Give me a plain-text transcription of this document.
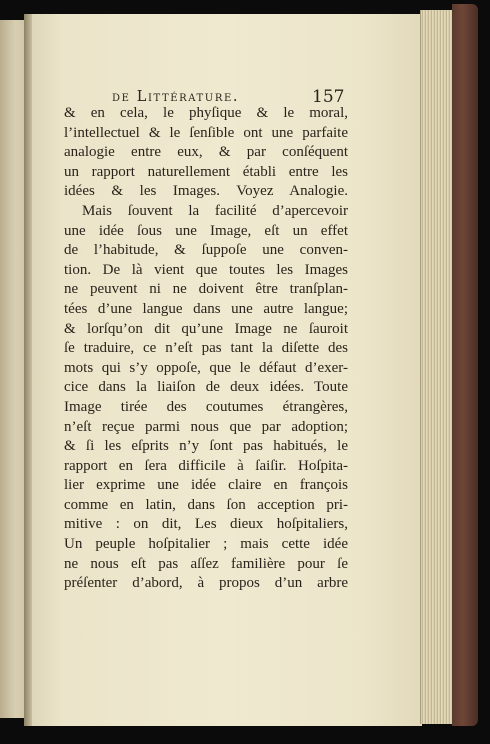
de Littérature.	157
& en cela, le phyſique & le moral,
l’intellectuel & le ſenſible ont une parfaite
analogie entre eux, & par conſéquent
un rapport naturellement établi entre les
idées & les Images. Voyez Analogie.
Mais ſouvent la facilité d’apercevoir
une idée ſous une Image, eſt un effet
de l’habitude, & ſuppoſe une conven-
tion. De là vient que toutes les Images
ne peuvent ni ne doivent être tranſplan-
tées d’une langue dans une autre langue;
& lorſqu’on dit qu’une Image ne ſauroit
ſe traduire, ce n’eſt pas tant la diſette des
mots qui s’y oppoſe, que le défaut d’exer-
cice dans la liaiſon de deux idées. Toute
Image tirée des coutumes étrangères,
n’eſt reçue parmi nous que par adoption;
& ſi les eſprits n’y ſont pas habitués, le
rapport en ſera difficile à ſaiſir. Hoſpita-
lier exprime une idée claire en françois
comme en latin, dans ſon acception pri-
mitive : on dit, Les dieux hoſpitaliers,
Un peuple hoſpitalier ; mais cette idée
ne nous eſt pas aſſez familière pour ſe
préſenter d’abord, à propos d’un arbre
